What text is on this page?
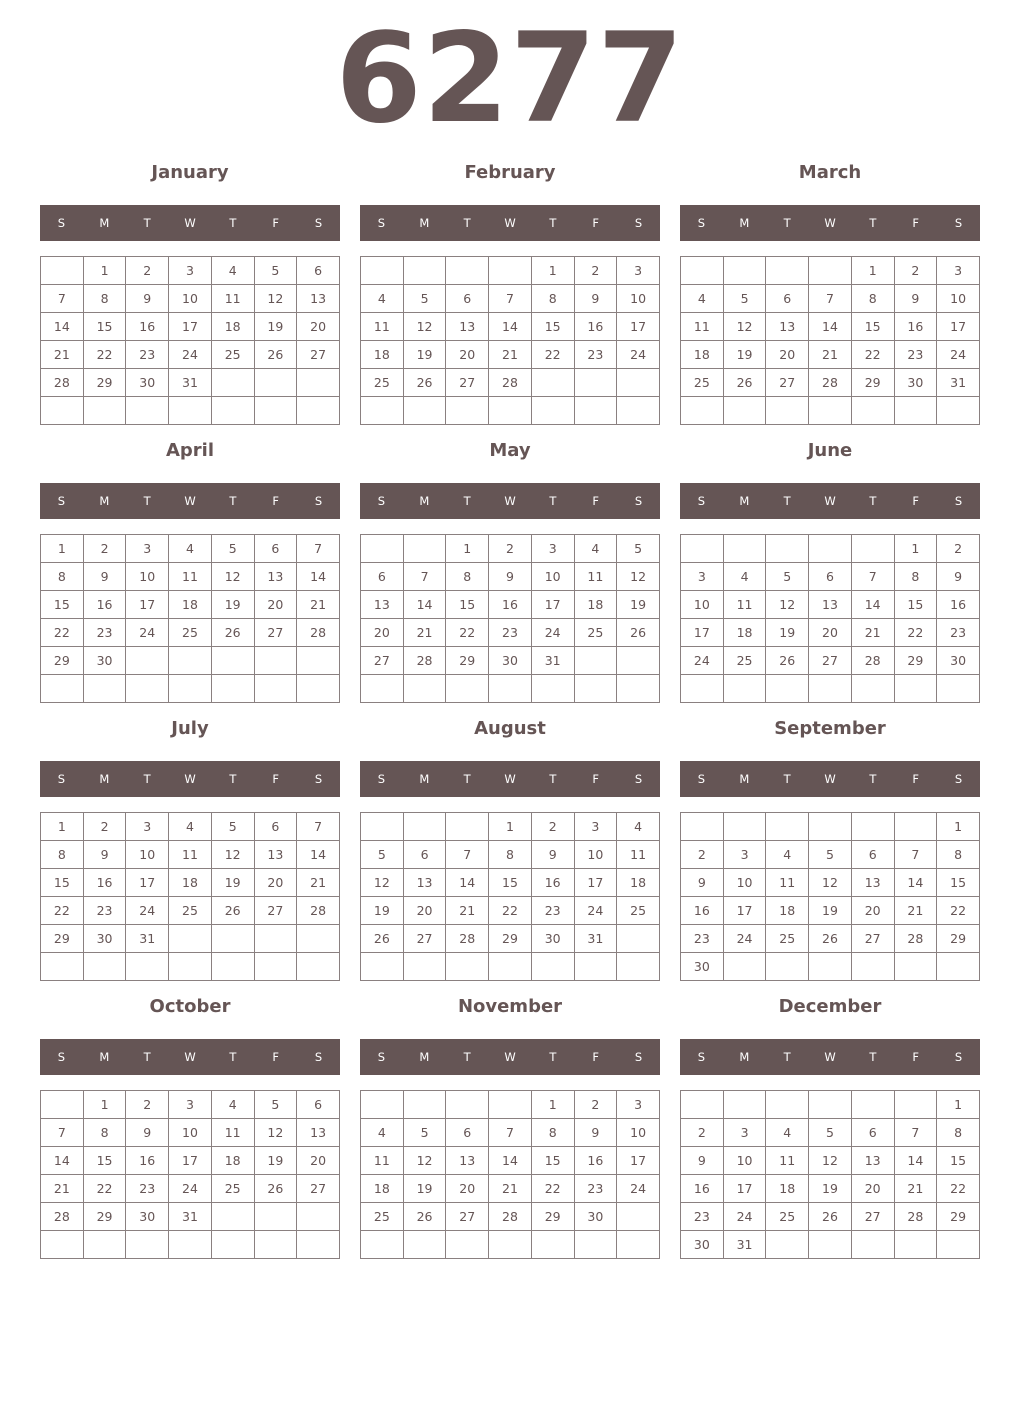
6277
January
S	M	T	W	T	F	S
	1	2	3	4	5	6
7	8	9	10	11	12	13
14	15	16	17	18	19	20
21	22	23	24	25	26	27
28	29	30	31			

February
S	M	T	W	T	F	S
				1	2	3
4	5	6	7	8	9	10
11	12	13	14	15	16	17
18	19	20	21	22	23	24
25	26	27	28			

March
S	M	T	W	T	F	S
				1	2	3
4	5	6	7	8	9	10
11	12	13	14	15	16	17
18	19	20	21	22	23	24
25	26	27	28	29	30	31

April
S	M	T	W	T	F	S
1	2	3	4	5	6	7
8	9	10	11	12	13	14
15	16	17	18	19	20	21
22	23	24	25	26	27	28
29	30					

May
S	M	T	W	T	F	S
		1	2	3	4	5
6	7	8	9	10	11	12
13	14	15	16	17	18	19
20	21	22	23	24	25	26
27	28	29	30	31		

June
S	M	T	W	T	F	S
					1	2
3	4	5	6	7	8	9
10	11	12	13	14	15	16
17	18	19	20	21	22	23
24	25	26	27	28	29	30

July
S	M	T	W	T	F	S
1	2	3	4	5	6	7
8	9	10	11	12	13	14
15	16	17	18	19	20	21
22	23	24	25	26	27	28
29	30	31				

August
S	M	T	W	T	F	S
			1	2	3	4
5	6	7	8	9	10	11
12	13	14	15	16	17	18
19	20	21	22	23	24	25
26	27	28	29	30	31	

September
S	M	T	W	T	F	S
						1
2	3	4	5	6	7	8
9	10	11	12	13	14	15
16	17	18	19	20	21	22
23	24	25	26	27	28	29
30						
October
S	M	T	W	T	F	S
	1	2	3	4	5	6
7	8	9	10	11	12	13
14	15	16	17	18	19	20
21	22	23	24	25	26	27
28	29	30	31			

November
S	M	T	W	T	F	S
				1	2	3
4	5	6	7	8	9	10
11	12	13	14	15	16	17
18	19	20	21	22	23	24
25	26	27	28	29	30	

December
S	M	T	W	T	F	S
						1
2	3	4	5	6	7	8
9	10	11	12	13	14	15
16	17	18	19	20	21	22
23	24	25	26	27	28	29
30	31					
